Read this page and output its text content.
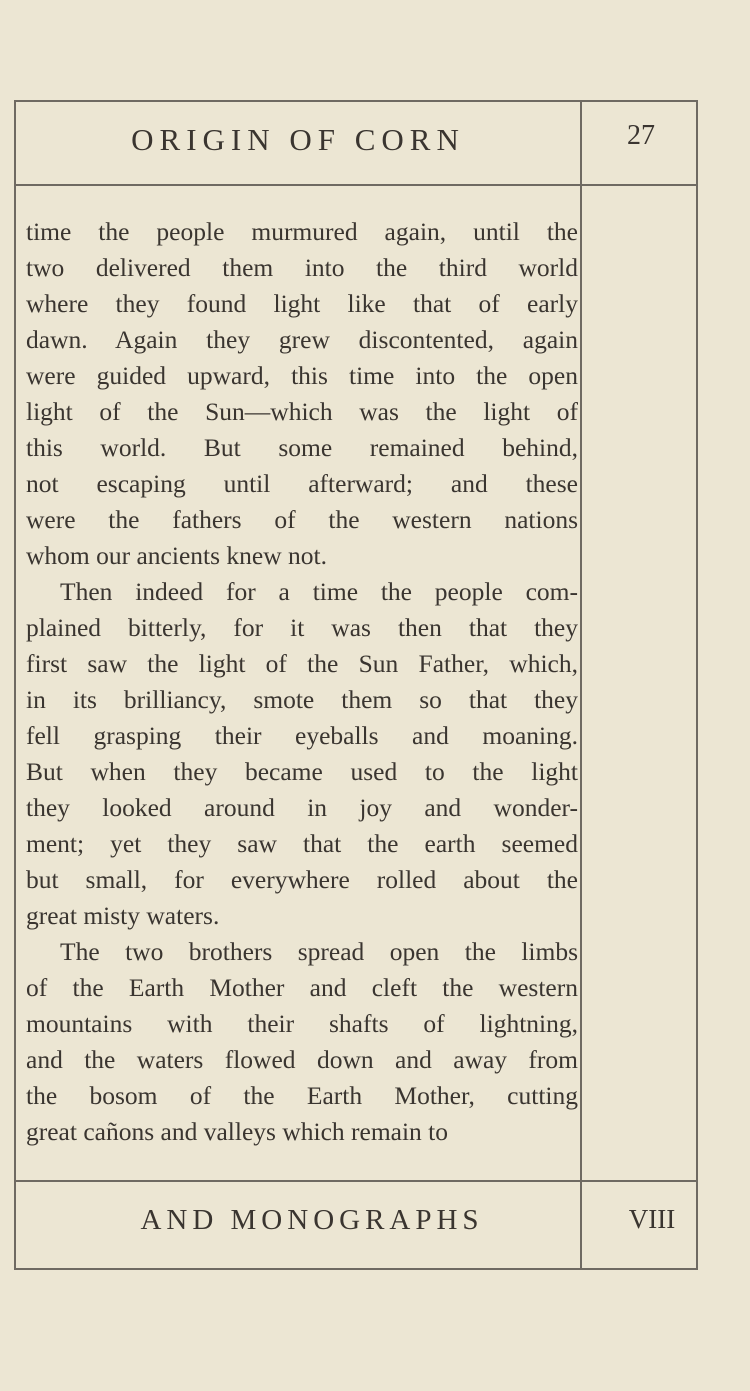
ORIGIN OF CORN	27

time the people murmured again, until the
two delivered them into the third world
where they found light like that of early
dawn. Again they grew discontented, again
were guided upward, this time into the open
light of the Sun—which was the light of
this world. But some remained behind,
not escaping until afterward; and these
were the fathers of the western nations
whom our ancients knew not.

Then indeed for a time the people com-
plained bitterly, for it was then that they
first saw the light of the Sun Father, which,
in its brilliancy, smote them so that they
fell grasping their eyeballs and moaning.
But when they became used to the light
they looked around in joy and wonder-
ment; yet they saw that the earth seemed
but small, for everywhere rolled about the
great misty waters.

The two brothers spread open the limbs
of the Earth Mother and cleft the western
mountains with their shafts of lightning,
and the waters flowed down and away from
the bosom of the Earth Mother, cutting
great cañons and valleys which remain to

AND MONOGRAPHS	VIII
